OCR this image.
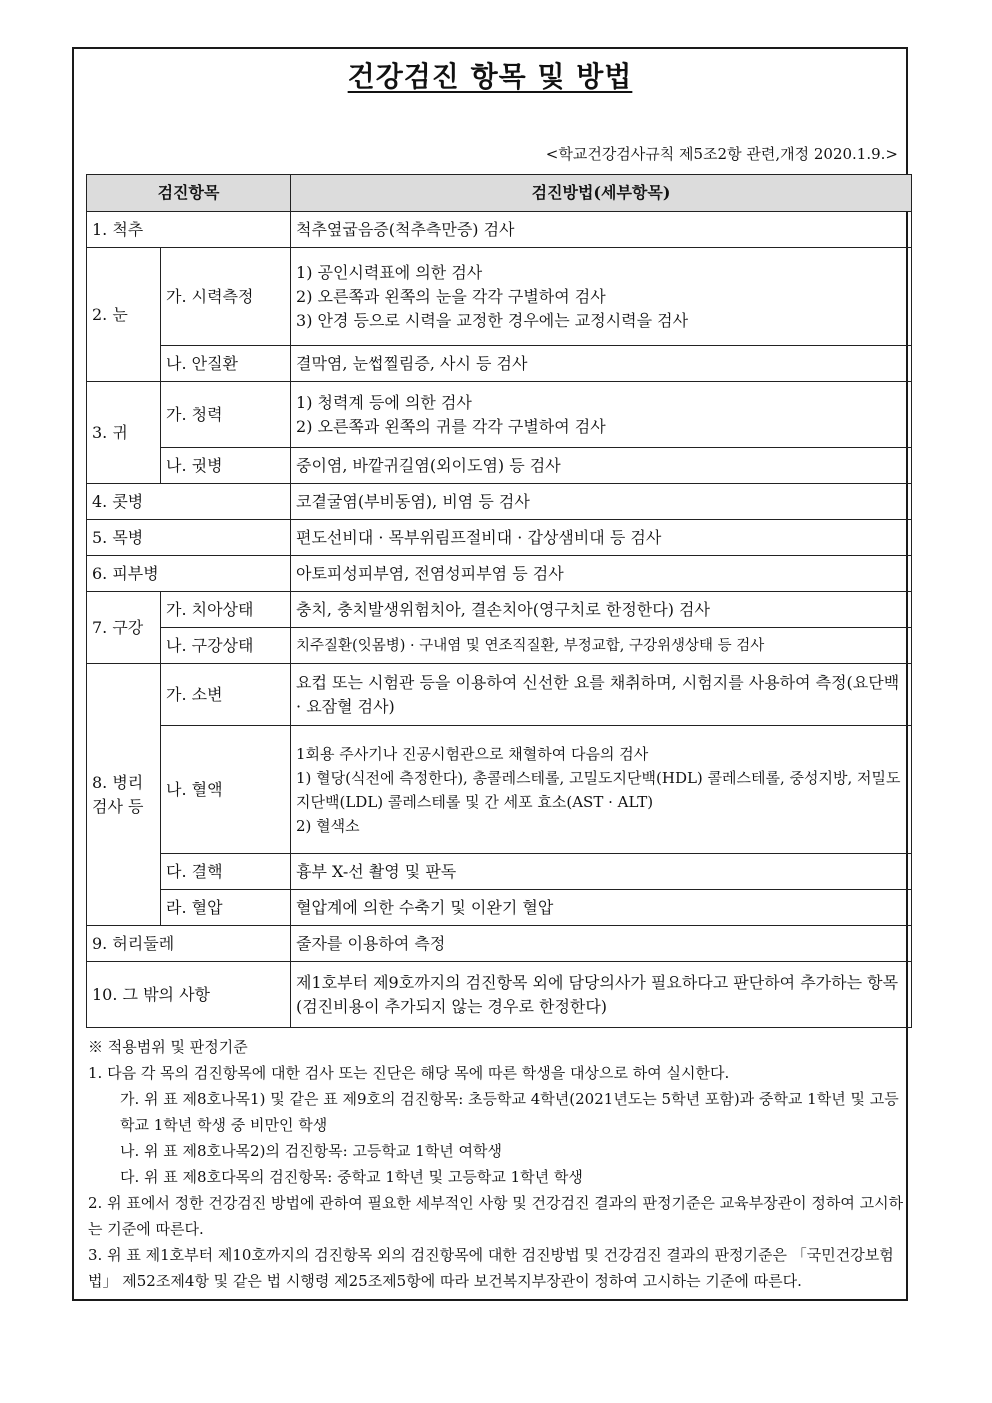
건강검진 항목 및 방법
<학교건강검사규칙 제5조2항 관련,개정 2020.1.9.>
검진항목		검진방법(세부항목)
1. 척추		척추옆굽음증(척추측만증) 검사
2. 눈	가. 시력측정	1) 공인시력표에 의한 검사
2) 오른쪽과 왼쪽의 눈을 각각 구별하여 검사
3) 안경 등으로 시력을 교정한 경우에는 교정시력을 검사

	나. 안질환	결막염, 눈썹찔림증, 사시 등 검사
3. 귀	가. 청력	1) 청력계 등에 의한 검사
2) 오른쪽과 왼쪽의 귀를 각각 구별하여 검사

	나. 귓병	중이염, 바깥귀길염(외이도염) 등 검사
4. 콧병		코곁굴염(부비동염), 비염 등 검사
5. 목병		편도선비대 · 목부위림프절비대 · 갑상샘비대 등 검사
6. 피부병		아토피성피부염, 전염성피부염 등 검사
7. 구강	가. 치아상태	충치, 충치발생위험치아, 결손치아(영구치로 한정한다) 검사
	나. 구강상태	치주질환(잇몸병) · 구내염 및 연조직질환, 부정교합, 구강위생상태 등 검사

8. 병리
검사 등	가. 소변	요컵 또는 시험관 등을 이용하여 신선한 요를 채취하며, 시험지를 사용하여 측정(요단백 · 요잠혈 검사)
	나. 혈액	1회용 주사기나 진공시험관으로 채혈하여 다음의 검사
1) 혈당(식전에 측정한다), 총콜레스테롤, 고밀도지단백(HDL) 콜레스테롤, 중성지방, 저밀도지단백(LDL) 콜레스테롤 및 간 세포 효소(AST · ALT)
2) 혈색소

	다. 결핵	흉부 X-선 촬영 및 판독
	라. 혈압	혈압계에 의한 수축기 및 이완기 혈압
9. 허리둘레		줄자를 이용하여 측정
10. 그 밖의 사항		제1호부터 제9호까지의 검진항목 외에 담당의사가 필요하다고 판단하여 추가하는 항목(검진비용이 추가되지 않는 경우로 한정한다)
※ 적용범위 및 판정기준
1. 다음 각 목의 검진항목에 대한 검사 또는 진단은 해당 목에 따른 학생을 대상으로 하여 실시한다.
가. 위 표 제8호나목1) 및 같은 표 제9호의 검진항목: 초등학교 4학년(2021년도는 5학년 포함)과 중학교 1학년 및 고등학교 1학년 학생 중 비만인 학생
나. 위 표 제8호나목2)의 검진항목: 고등학교 1학년 여학생
다. 위 표 제8호다목의 검진항목: 중학교 1학년 및 고등학교 1학년 학생
2. 위 표에서 정한 건강검진 방법에 관하여 필요한 세부적인 사항 및 건강검진 결과의 판정기준은 교육부장관이 정하여 고시하는 기준에 따른다.
3. 위 표 제1호부터 제10호까지의 검진항목 외의 검진항목에 대한 검진방법 및 건강검진 결과의 판정기준은 「국민건강보험법」 제52조제4항 및 같은 법 시행령 제25조제5항에 따라 보건복지부장관이 정하여 고시하는 기준에 따른다.
